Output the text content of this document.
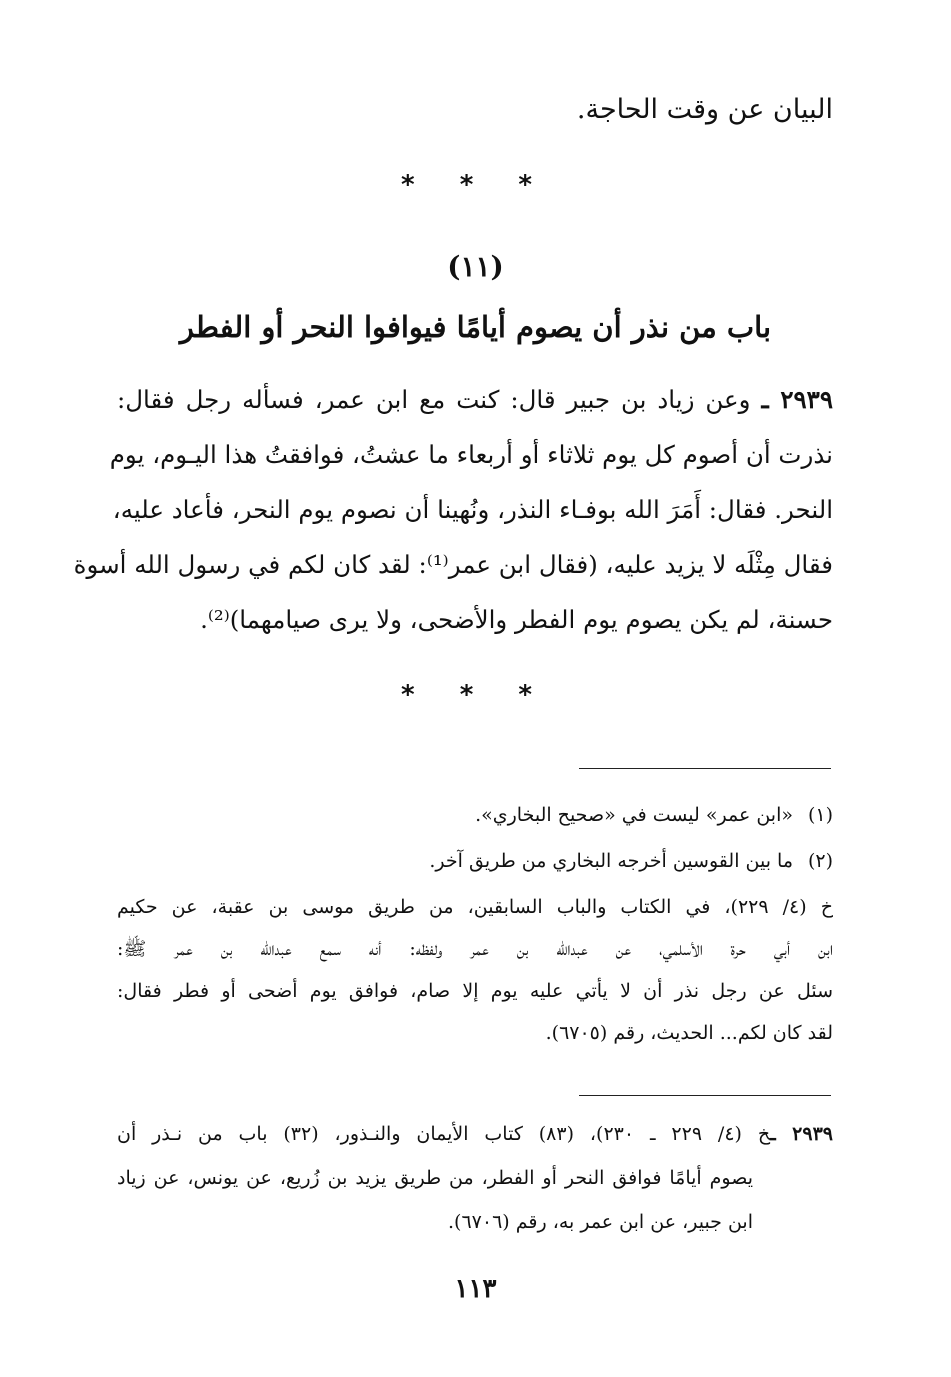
البيان عن وقت الحاجة.
* * *
(١١)
باب من نذر أن يصوم أيامًا فيوافوا النحر أو الفطر
٢٩٣٩ ـ وعن زياد بن جبير قال: كنت مع ابن عمر، فسأله رجل فقال:
نذرت أن أصوم كل يوم ثلاثاء أو أربعاء ما عشتُ، فوافقتُ هذا اليـوم، يوم
النحر. فقال: أَمَرَ الله بوفـاء النذر، ونُهينا أن نصوم يوم النحر، فأعاد عليه،
فقال مِثْلَه لا يزيد عليه، (فقال ابن عمر⁽¹⁾: لقد كان لكم في رسول الله أسوة
حسنة، لم يكن يصوم يوم الفطر والأضحى، ولا يرى صيامهما)⁽²⁾.
* * *
(١)«ابن عمر» ليست في «صحيح البخاري».
(٢)ما بين القوسين أخرجه البخاري من طريق آخر.
خ (٤/ ٢٢٩)، في الكتاب والباب السابقين، من طريق موسى بن عقبة، عن حكيم
ابن أبي حرة الأسلمي، عن عبدالله بن عمر ولفظه: أنه سمع عبدالله بن عمر ﷺ:
سئل عن رجل نذر أن لا يأتي عليه يوم إلا صام، فوافق يوم أضحى أو فطر فقال:
لقد كان لكم... الحديث، رقم (٦٧٠٥).
٢٩٣٩ ـخ (٤/ ٢٢٩ ـ ٢٣٠)، (٨٣) كتاب الأيمان والنـذور، (٣٢) باب من نـذر أن
يصوم أيامًا فوافق النحر أو الفطر، من طريق يزيد بن زُريع، عن يونس، عن زياد
ابن جبير، عن ابن عمر به، رقم (٦٧٠٦).
١١٣
